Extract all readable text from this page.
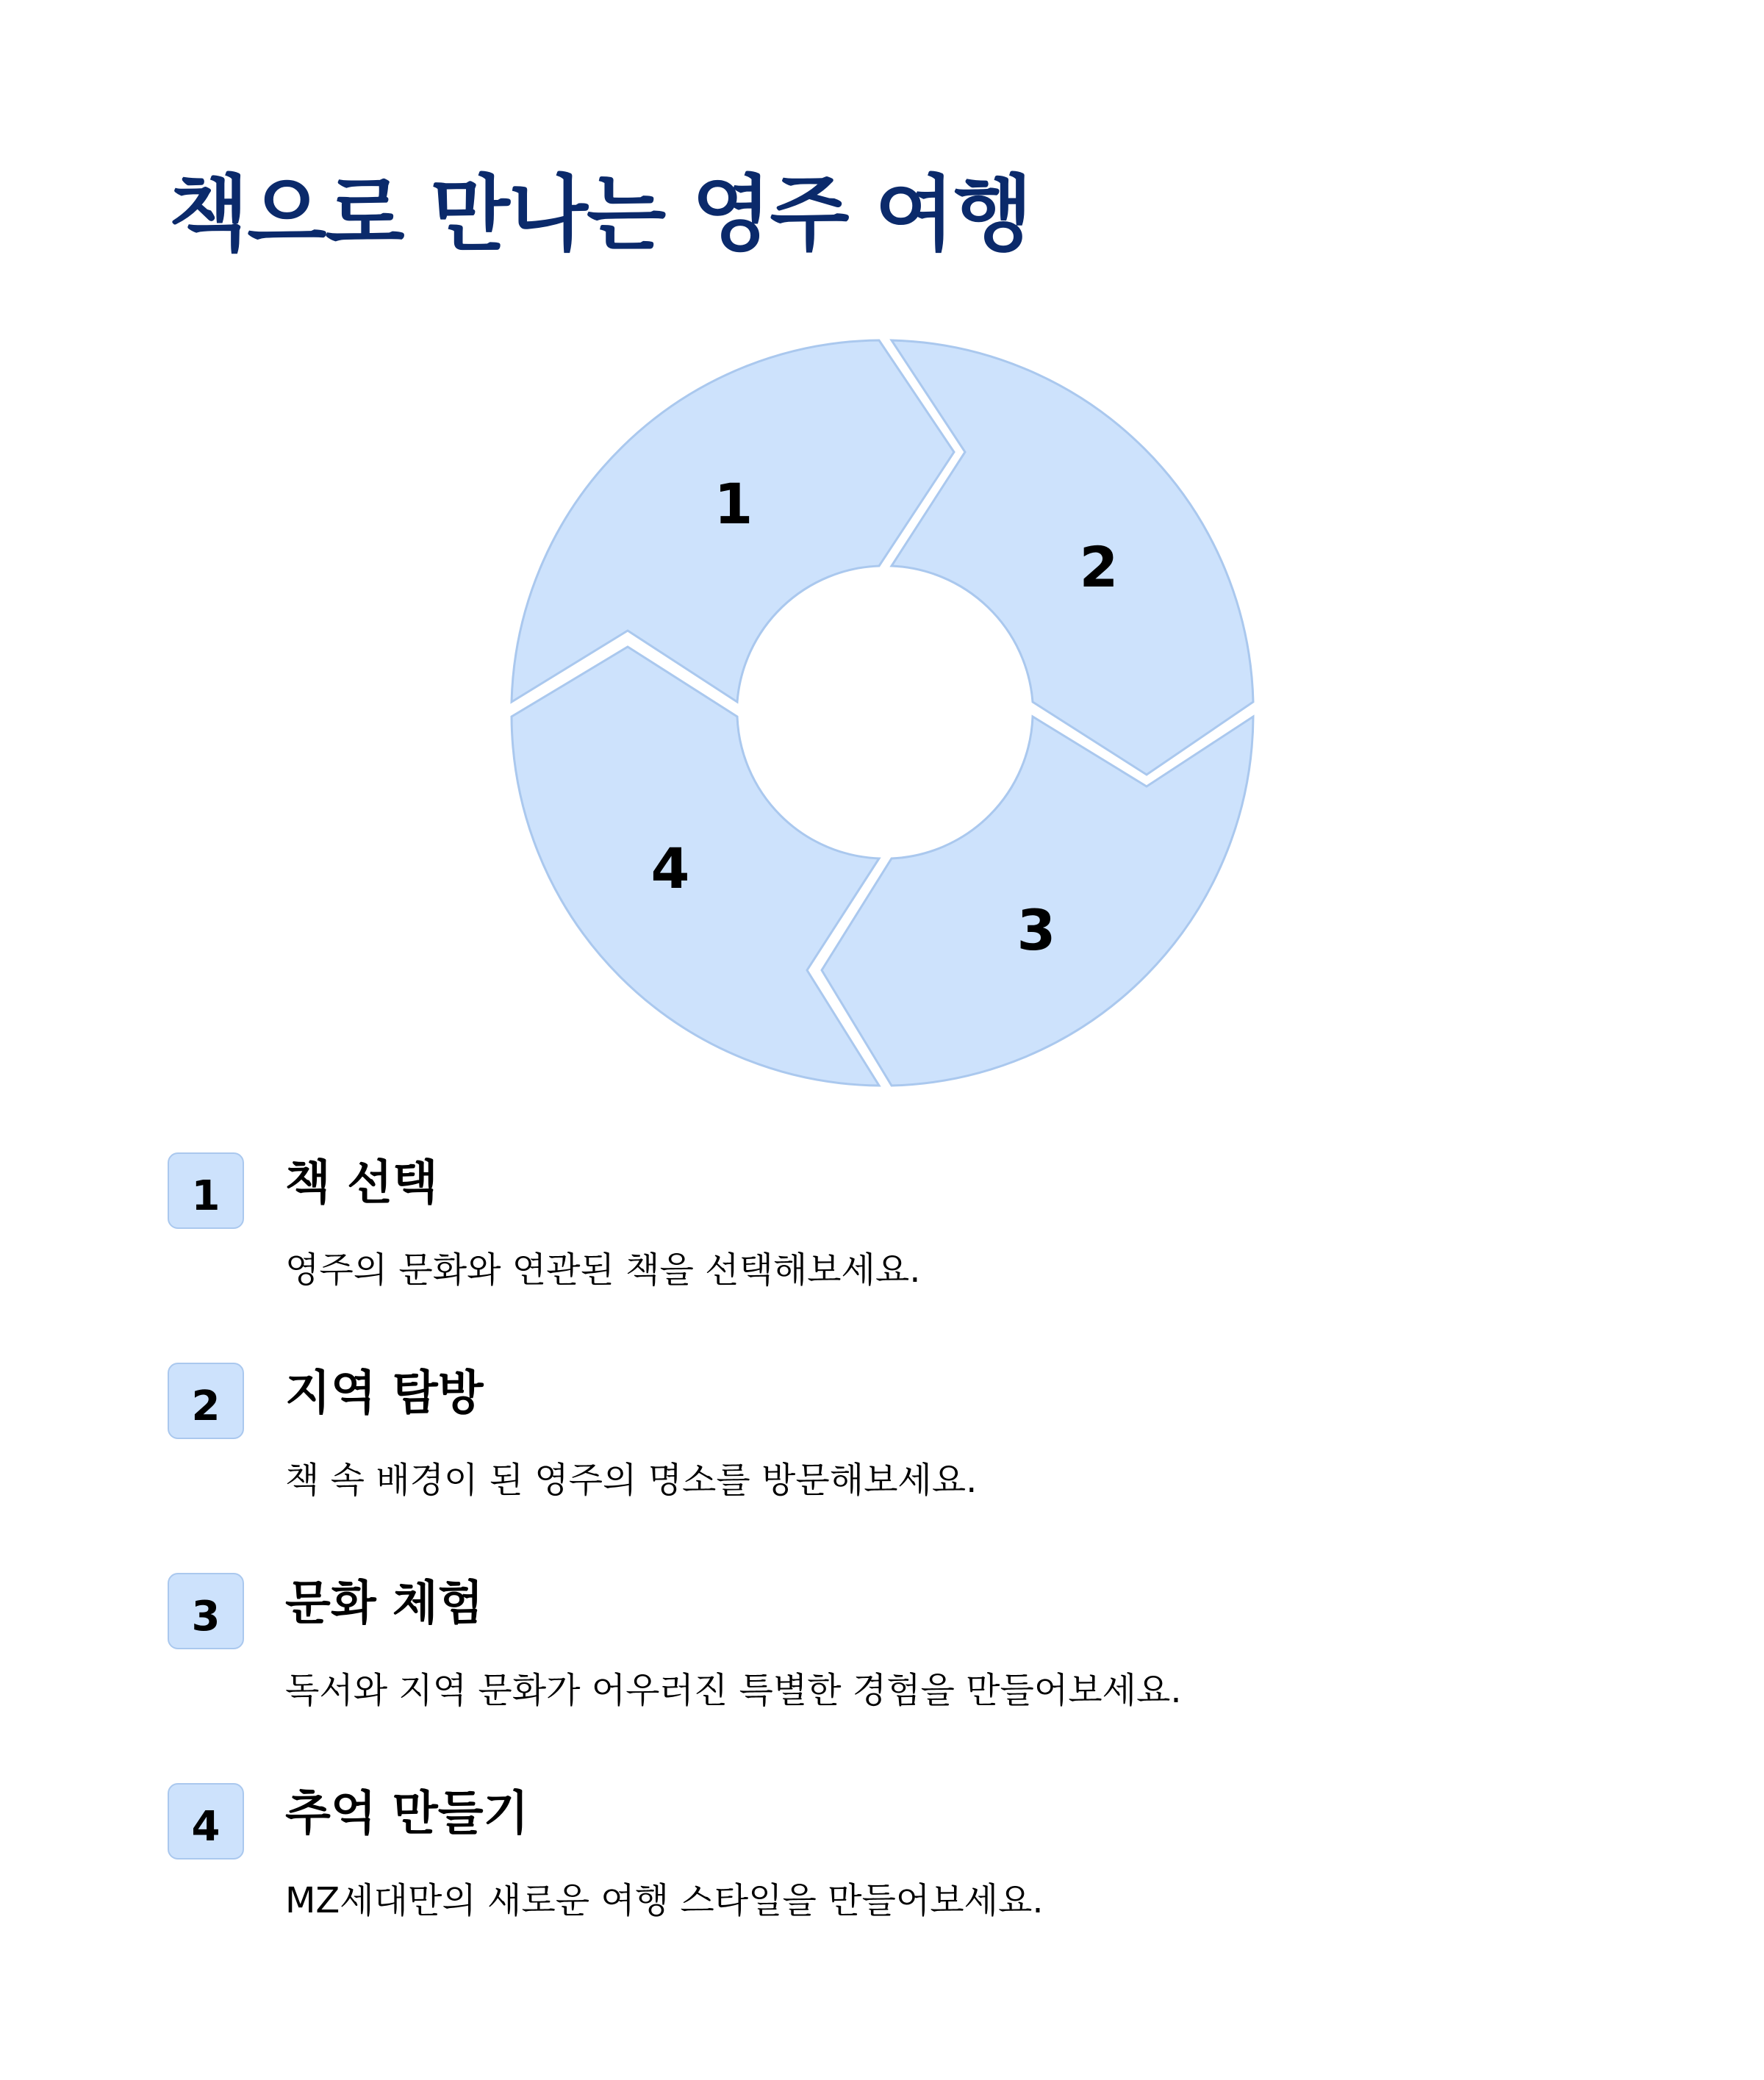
책으로 만나는 영주 여행
1
2
3
4
1	책 선택

영주의 문화와 연관된 책을 선택해보세요.

2	지역 탐방

책 속 배경이 된 영주의 명소를 방문해보세요.

3	문화 체험

독서와 지역 문화가 어우러진 특별한 경험을 만들어보세요.

4	추억 만들기

MZ세대만의 새로운 여행 스타일을 만들어보세요.
